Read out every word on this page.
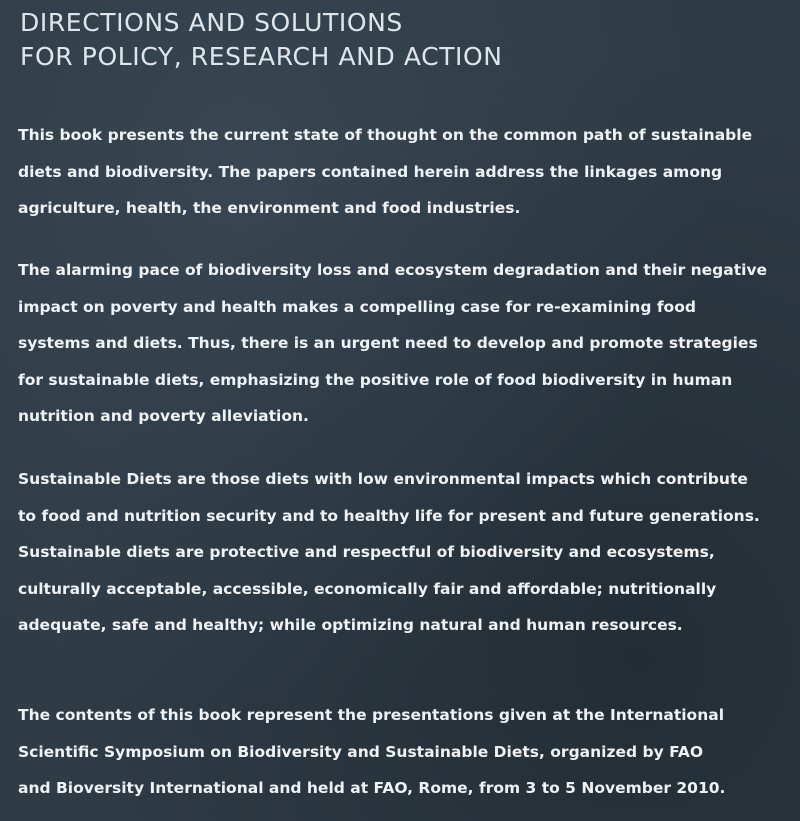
DIRECTIONS AND SOLUTIONS
FOR POLICY, RESEARCH AND ACTION
This book presents the current state of thought on the common path of sustainable
diets and biodiversity. The papers contained herein address the linkages among
agriculture, health, the environment and food industries.
The alarming pace of biodiversity loss and ecosystem degradation and their negative
impact on poverty and health makes a compelling case for re-examining food
systems and diets. Thus, there is an urgent need to develop and promote strategies
for sustainable diets, emphasizing the positive role of food biodiversity in human
nutrition and poverty alleviation.
Sustainable Diets are those diets with low environmental impacts which contribute
to food and nutrition security and to healthy life for present and future generations.
Sustainable diets are protective and respectful of biodiversity and ecosystems,
culturally acceptable, accessible, economically fair and affordable; nutritionally
adequate, safe and healthy; while optimizing natural and human resources.
The contents of this book represent the presentations given at the International
Scientific Symposium on Biodiversity and Sustainable Diets, organized by FAO
and Bioversity International and held at FAO, Rome, from 3 to 5 November 2010.
